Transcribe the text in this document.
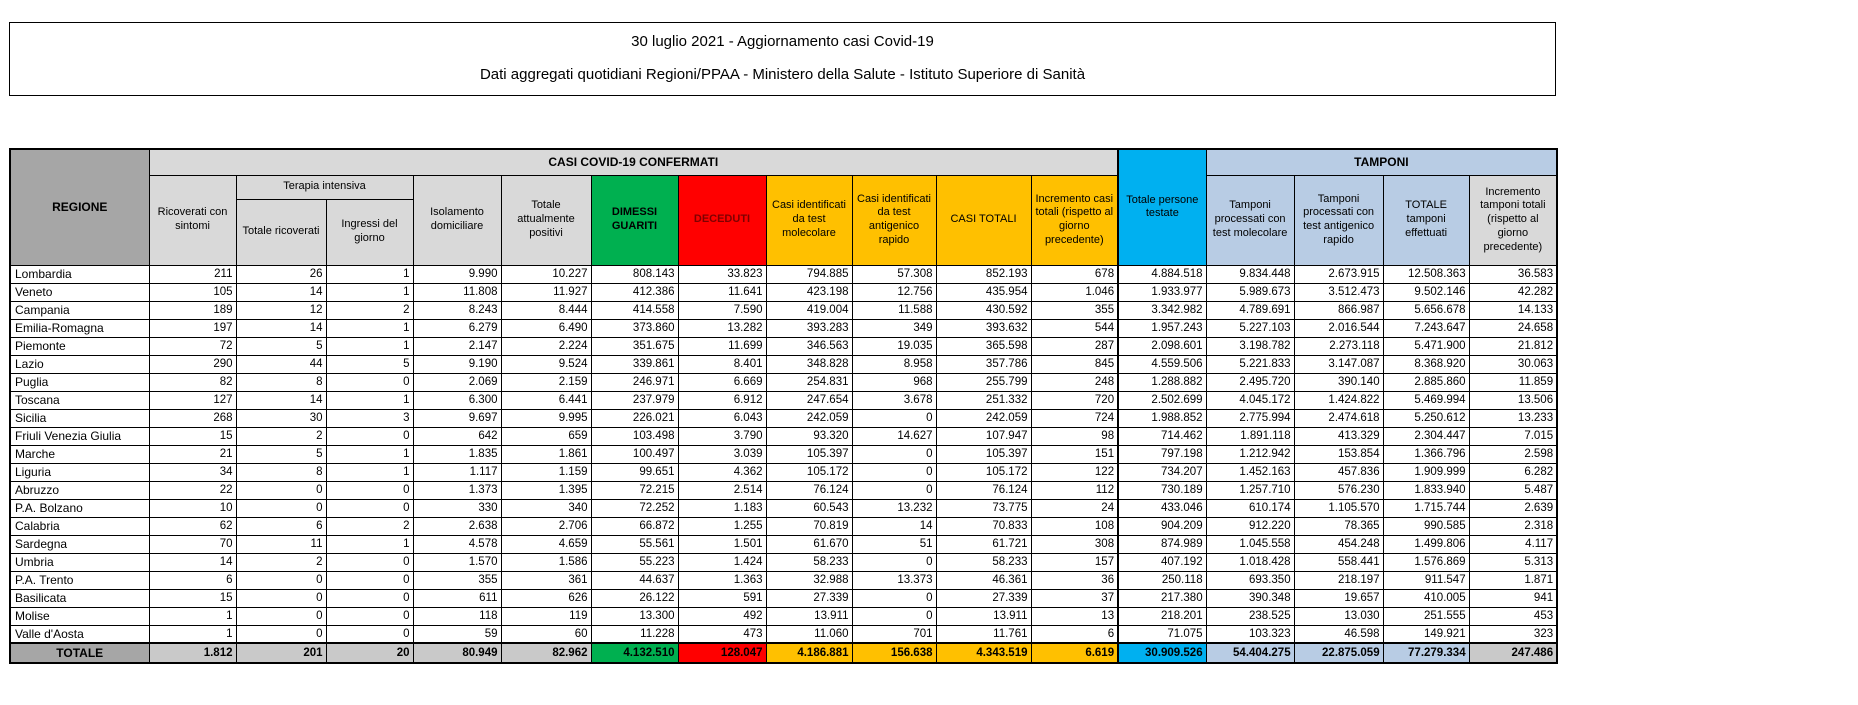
30 luglio 2021 - Aggiornamento casi Covid-19
Dati aggregati quotidiani Regioni/PPAA - Ministero della Salute - Istituto Superiore di Sanità
REGIONE	CASI COVID-19 CONFERMATI											Totale persone testate	TAMPONI			
	Ricoverati con sintomi	Terapia intensiva		Isolamento domiciliare	Totale attualmente positivi	DIMESSI GUARITI	DECEDUTI	Casi identificati da test molecolare	Casi identificati da test antigenico rapido	CASI TOTALI	Incremento casi totali (rispetto al giorno precedente)		Tamponi processati con test molecolare	Tamponi processati con test antigenico rapido	TOTALE tamponi effettuati	Incremento tamponi totali (rispetto al giorno precedente)
		Totale ricoverati	Ingressi del giorno													
Lombardia	211	26	1	9.990	10.227	808.143	33.823	794.885	57.308	852.193	678	4.884.518	9.834.448	2.673.915	12.508.363	36.583
Veneto	105	14	1	11.808	11.927	412.386	11.641	423.198	12.756	435.954	1.046	1.933.977	5.989.673	3.512.473	9.502.146	42.282
Campania	189	12	2	8.243	8.444	414.558	7.590	419.004	11.588	430.592	355	3.342.982	4.789.691	866.987	5.656.678	14.133
Emilia-Romagna	197	14	1	6.279	6.490	373.860	13.282	393.283	349	393.632	544	1.957.243	5.227.103	2.016.544	7.243.647	24.658
Piemonte	72	5	1	2.147	2.224	351.675	11.699	346.563	19.035	365.598	287	2.098.601	3.198.782	2.273.118	5.471.900	21.812
Lazio	290	44	5	9.190	9.524	339.861	8.401	348.828	8.958	357.786	845	4.559.506	5.221.833	3.147.087	8.368.920	30.063
Puglia	82	8	0	2.069	2.159	246.971	6.669	254.831	968	255.799	248	1.288.882	2.495.720	390.140	2.885.860	11.859
Toscana	127	14	1	6.300	6.441	237.979	6.912	247.654	3.678	251.332	720	2.502.699	4.045.172	1.424.822	5.469.994	13.506
Sicilia	268	30	3	9.697	9.995	226.021	6.043	242.059	0	242.059	724	1.988.852	2.775.994	2.474.618	5.250.612	13.233
Friuli Venezia Giulia	15	2	0	642	659	103.498	3.790	93.320	14.627	107.947	98	714.462	1.891.118	413.329	2.304.447	7.015
Marche	21	5	1	1.835	1.861	100.497	3.039	105.397	0	105.397	151	797.198	1.212.942	153.854	1.366.796	2.598
Liguria	34	8	1	1.117	1.159	99.651	4.362	105.172	0	105.172	122	734.207	1.452.163	457.836	1.909.999	6.282
Abruzzo	22	0	0	1.373	1.395	72.215	2.514	76.124	0	76.124	112	730.189	1.257.710	576.230	1.833.940	5.487
P.A. Bolzano	10	0	0	330	340	72.252	1.183	60.543	13.232	73.775	24	433.046	610.174	1.105.570	1.715.744	2.639
Calabria	62	6	2	2.638	2.706	66.872	1.255	70.819	14	70.833	108	904.209	912.220	78.365	990.585	2.318
Sardegna	70	11	1	4.578	4.659	55.561	1.501	61.670	51	61.721	308	874.989	1.045.558	454.248	1.499.806	4.117
Umbria	14	2	0	1.570	1.586	55.223	1.424	58.233	0	58.233	157	407.192	1.018.428	558.441	1.576.869	5.313
P.A. Trento	6	0	0	355	361	44.637	1.363	32.988	13.373	46.361	36	250.118	693.350	218.197	911.547	1.871
Basilicata	15	0	0	611	626	26.122	591	27.339	0	27.339	37	217.380	390.348	19.657	410.005	941
Molise	1	0	0	118	119	13.300	492	13.911	0	13.911	13	218.201	238.525	13.030	251.555	453
Valle d'Aosta	1	0	0	59	60	11.228	473	11.060	701	11.761	6	71.075	103.323	46.598	149.921	323
TOTALE	1.812	201	20	80.949	82.962	4.132.510	128.047	4.186.881	156.638	4.343.519	6.619	30.909.526	54.404.275	22.875.059	77.279.334	247.486
